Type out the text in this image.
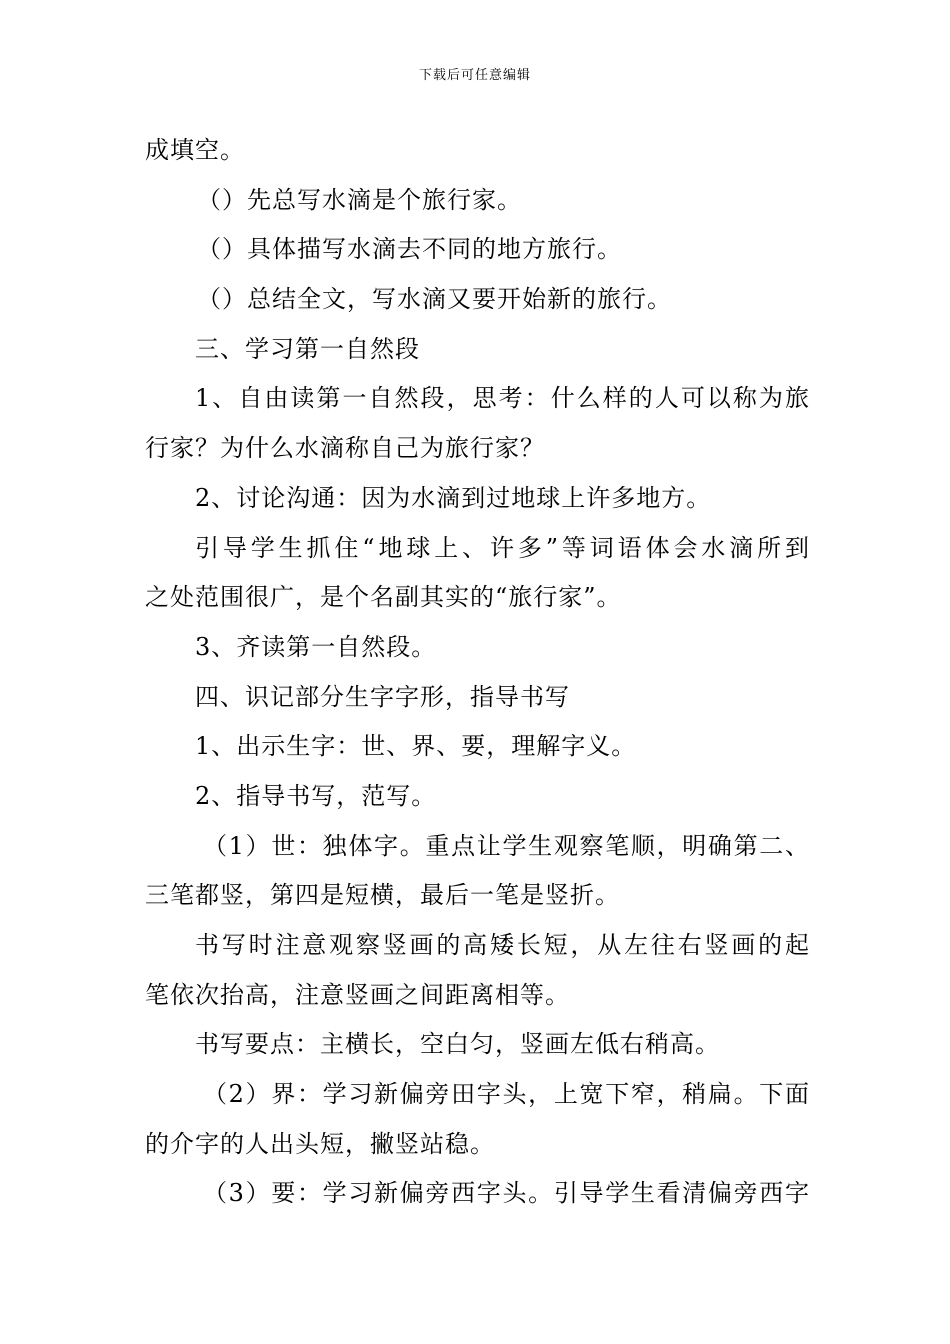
下载后可任意编辑
成填空。
（）先总写水滴是个旅行家。
（）具体描写水滴去不同的地方旅行。
（）总结全文，写水滴又要开始新的旅行。
三、学习第一自然段
1、自由读第一自然段，思考：什么样的人可以称为旅
行家？为什么水滴称自己为旅行家？
2、讨论沟通：因为水滴到过地球上许多地方。
引导学生抓住“地球上、许多”等词语体会水滴所到
之处范围很广，是个名副其实的“旅行家”。
3、齐读第一自然段。
四、识记部分生字字形，指导书写
1、出示生字：世、界、要，理解字义。
2、指导书写，范写。
（1）世：独体字。重点让学生观察笔顺，明确第二、
三笔都竖，第四是短横，最后一笔是竖折。
书写时注意观察竖画的高矮长短，从左往右竖画的起
笔依次抬高，注意竖画之间距离相等。
书写要点：主横长，空白匀，竖画左低右稍高。
（2）界：学习新偏旁田字头，上宽下窄，稍扁。下面
的介字的人出头短，撇竖站稳。
（3）要：学习新偏旁西字头。引导学生看清偏旁西字
